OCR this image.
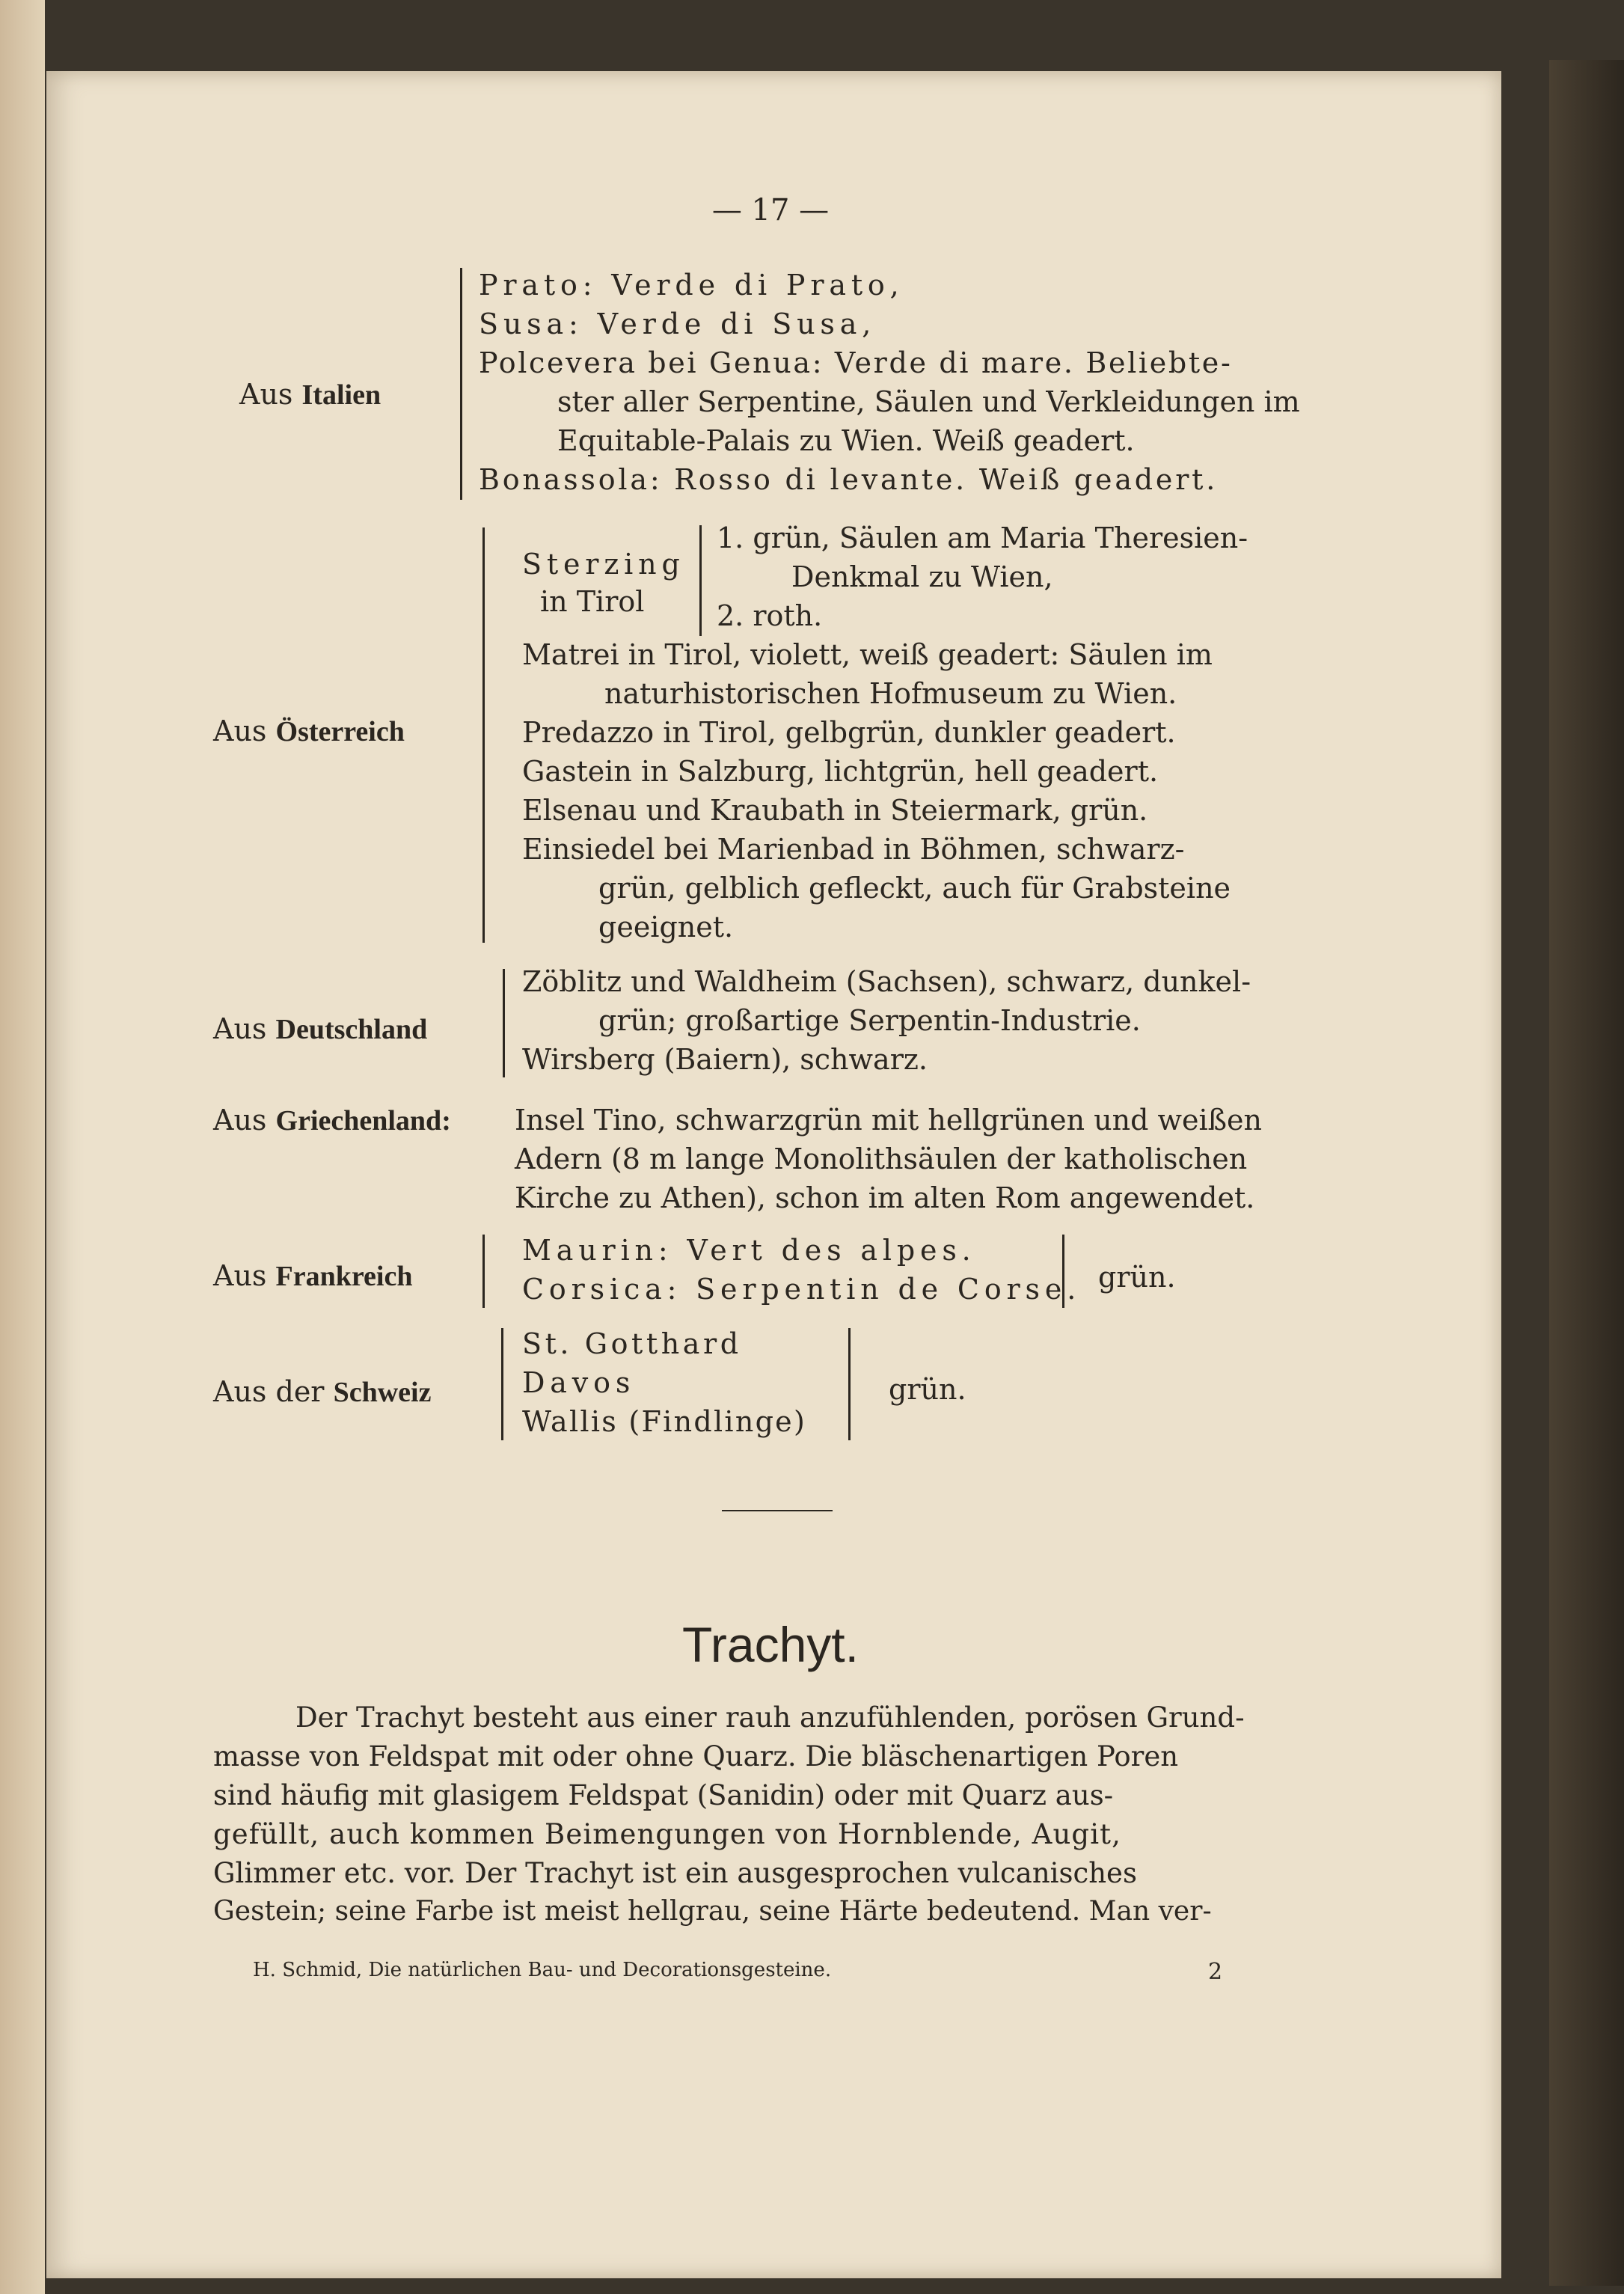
— 17 —
Aus Italien
Prato: Verde di Prato,
Susa: Verde di Susa,
Polcevera bei Genua: Verde di mare. Beliebte-
ster aller Serpentine, Säulen und Verkleidungen im
Equitable-Palais zu Wien. Weiß geadert.
Bonassola: Rosso di levante. Weiß geadert.
Aus Österreich
Sterzing
in Tirol
1. grün, Säulen am Maria Theresien-
Denkmal zu Wien,
2. roth.
Matrei in Tirol, violett, weiß geadert: Säulen im
naturhistorischen Hofmuseum zu Wien.
Predazzo in Tirol, gelbgrün, dunkler geadert.
Gastein in Salzburg, lichtgrün, hell geadert.
Elsenau und Kraubath in Steiermark, grün.
Einsiedel bei Marienbad in Böhmen, schwarz-
grün, gelblich gefleckt, auch für Grabsteine
geeignet.
Aus Deutschland
Zöblitz und Waldheim (Sachsen), schwarz, dunkel-
grün; großartige Serpentin-Industrie.
Wirsberg (Baiern), schwarz.
Aus Griechenland: Insel Tino, schwarzgrün mit hellgrünen und weißen
Adern (8 m lange Monolithsäulen der katholischen
Kirche zu Athen), schon im alten Rom angewendet.
Aus Frankreich
Maurin: Vert des alpes.
Corsica: Serpentin de Corse. grün.
Aus der Schweiz
St. Gotthard
Davos
Wallis (Findlinge)
grün.
Trachyt.
Der Trachyt besteht aus einer rauh anzufühlenden, porösen Grund-
masse von Feldspat mit oder ohne Quarz. Die bläschenartigen Poren
sind häufig mit glasigem Feldspat (Sanidin) oder mit Quarz aus-
gefüllt, auch kommen Beimengungen von Hornblende, Augit,
Glimmer etc. vor. Der Trachyt ist ein ausgesprochen vulcanisches
Gestein; seine Farbe ist meist hellgrau, seine Härte bedeutend. Man ver-
H. Schmid, Die natürlichen Bau- und Decorationsgesteine.	2
